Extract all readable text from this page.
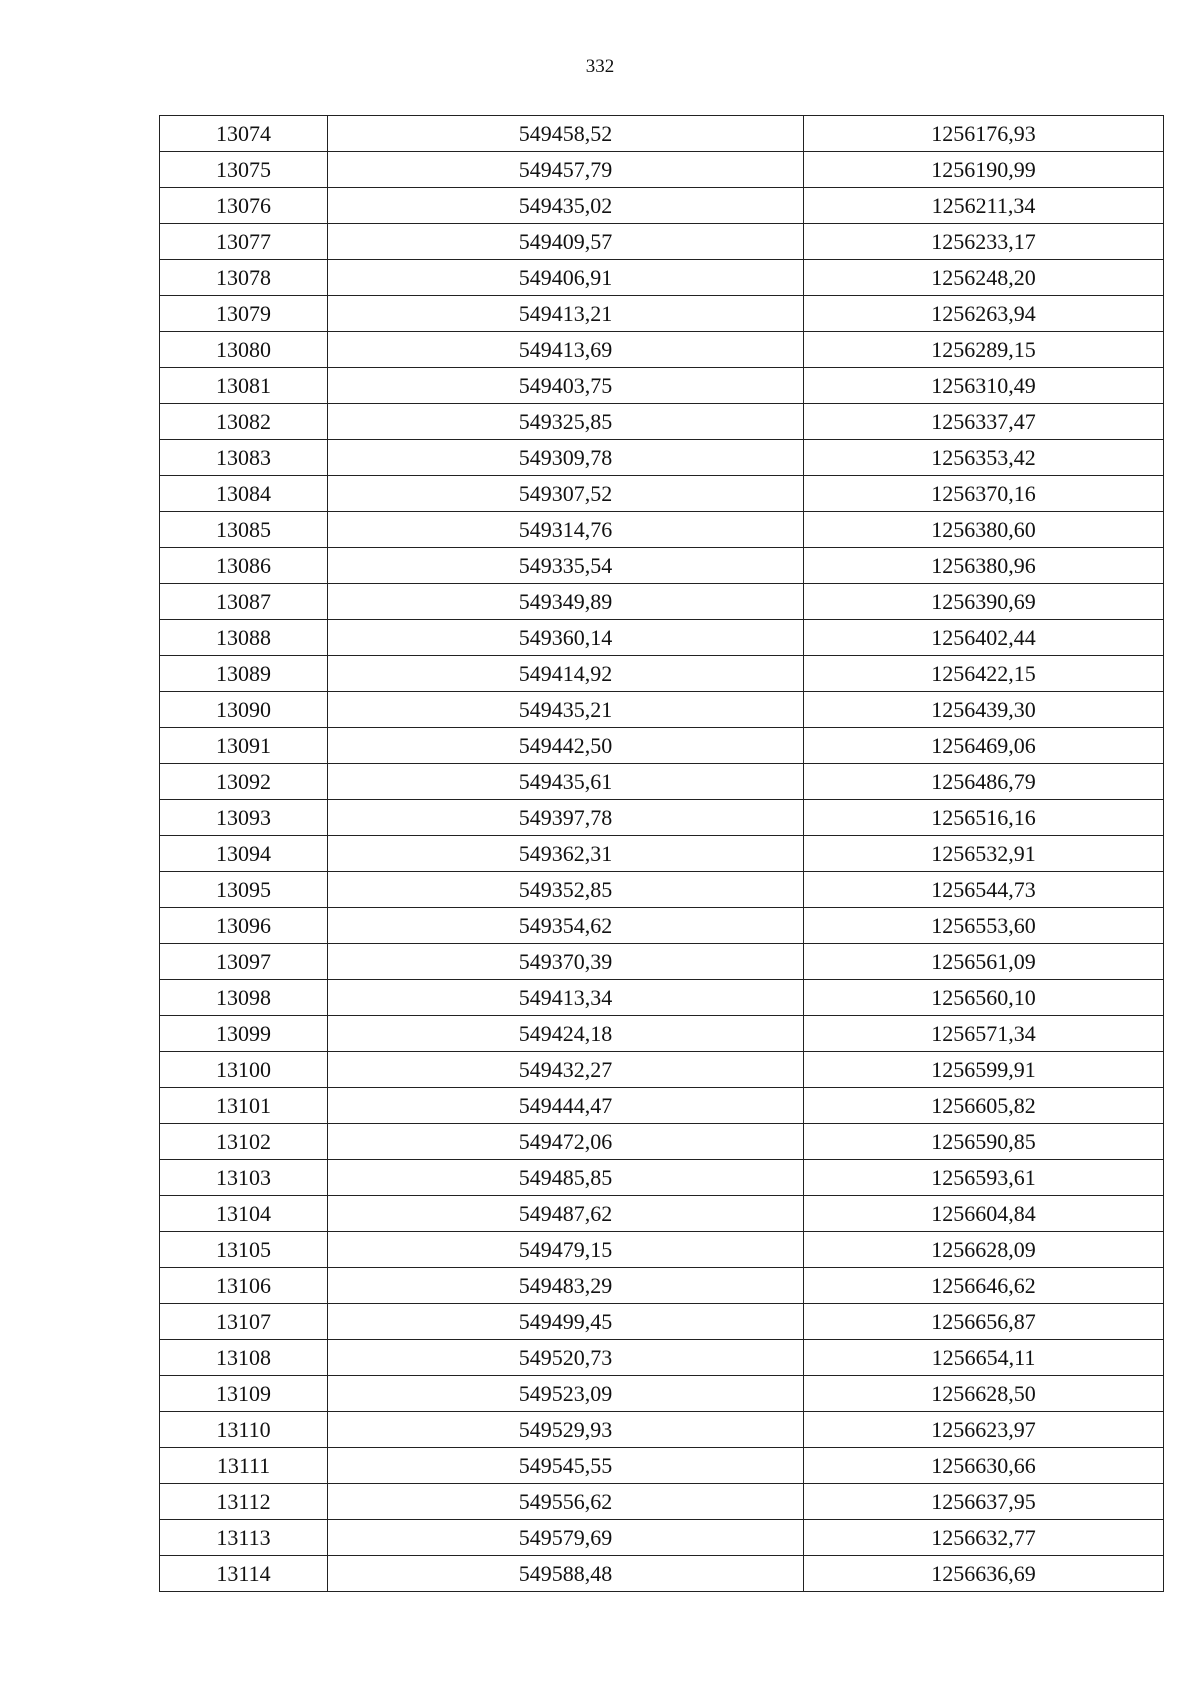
332
13074	549458,52	1256176,93
13075	549457,79	1256190,99
13076	549435,02	1256211,34
13077	549409,57	1256233,17
13078	549406,91	1256248,20
13079	549413,21	1256263,94
13080	549413,69	1256289,15
13081	549403,75	1256310,49
13082	549325,85	1256337,47
13083	549309,78	1256353,42
13084	549307,52	1256370,16
13085	549314,76	1256380,60
13086	549335,54	1256380,96
13087	549349,89	1256390,69
13088	549360,14	1256402,44
13089	549414,92	1256422,15
13090	549435,21	1256439,30
13091	549442,50	1256469,06
13092	549435,61	1256486,79
13093	549397,78	1256516,16
13094	549362,31	1256532,91
13095	549352,85	1256544,73
13096	549354,62	1256553,60
13097	549370,39	1256561,09
13098	549413,34	1256560,10
13099	549424,18	1256571,34
13100	549432,27	1256599,91
13101	549444,47	1256605,82
13102	549472,06	1256590,85
13103	549485,85	1256593,61
13104	549487,62	1256604,84
13105	549479,15	1256628,09
13106	549483,29	1256646,62
13107	549499,45	1256656,87
13108	549520,73	1256654,11
13109	549523,09	1256628,50
13110	549529,93	1256623,97
13111	549545,55	1256630,66
13112	549556,62	1256637,95
13113	549579,69	1256632,77
13114	549588,48	1256636,69
